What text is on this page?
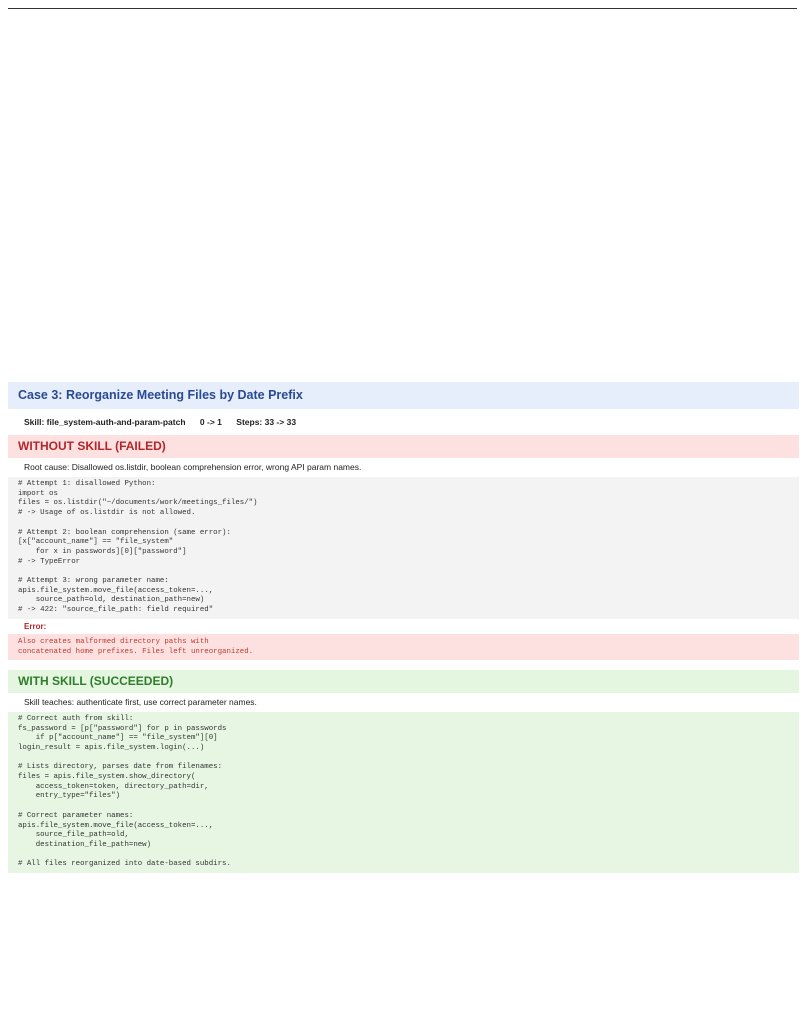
Case 3: Reorganize Meeting Files by Date Prefix
Skill: file_system-auth-and-param-patch 0 -> 1 Steps: 33 -> 33
WITHOUT SKILL (FAILED)
Root cause: Disallowed os.listdir, boolean comprehension error, wrong API param names.
# Attempt 1: disallowed Python:
import os
files = os.listdir("~/documents/work/meetings_files/")
# -> Usage of os.listdir is not allowed.

# Attempt 2: boolean comprehension (same error):
[x["account_name"] == "file_system"
for x in passwords][0]["password"]
# -> TypeError

# Attempt 3: wrong parameter name:
apis.file_system.move_file(access_token=...,
source_path=old, destination_path=new)
# -> 422: "source_file_path: field required"
Error:
Also creates malformed directory paths with
concatenated home prefixes. Files left unreorganized.
WITH SKILL (SUCCEEDED)
Skill teaches: authenticate first, use correct parameter names.
# Correct auth from skill:
fs_password = [p["password"] for p in passwords
if p["account_name"] == "file_system"][0]
login_result = apis.file_system.login(...)

# Lists directory, parses date from filenames:
files = apis.file_system.show_directory(
access_token=token, directory_path=dir,
entry_type="files")

# Correct parameter names:
apis.file_system.move_file(access_token=...,
source_file_path=old,
destination_file_path=new)

# All files reorganized into date-based subdirs.
